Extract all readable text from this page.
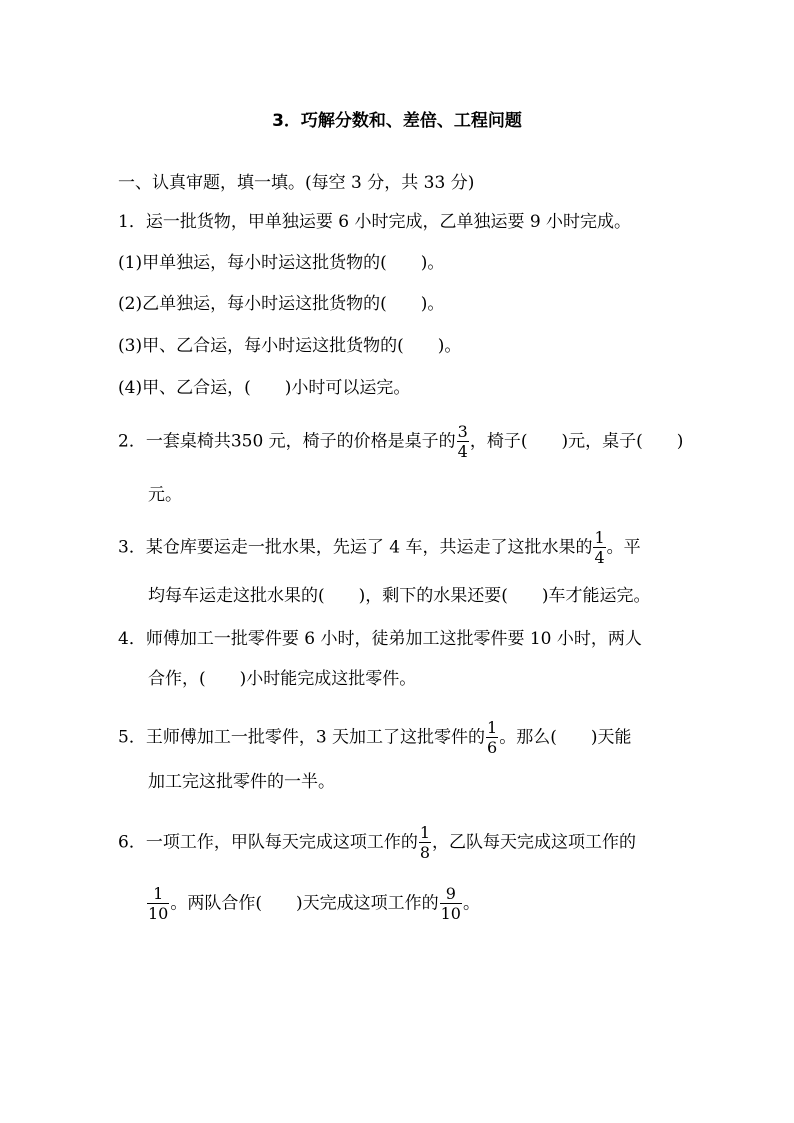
3．巧解分数和、差倍、工程问题
一、认真审题，填一填。(每空 3 分，共 33 分)
1．运一批货物，甲单独运要 6 小时完成，乙单独运要 9 小时完成。
(1)甲单独运，每小时运这批货物的(　　)。
(2)乙单独运，每小时运这批货物的(　　)。
(3)甲、乙合运，每小时运这批货物的(　　)。
(4)甲、乙合运，(　　)小时可以运完。
2．一套桌椅共350 元，椅子的价格是桌子的 $\frac{3}{4}$ ，椅子(　　)元，桌子(　　)
元。
3．某仓库要运走一批水果，先运了 4 车，共运走了这批水果的 $\frac{1}{4}$ 。平
均每车运走这批水果的(　　)，剩下的水果还要(　　)车才能运完。
4．师傅加工一批零件要 6 小时，徒弟加工这批零件要 10 小时，两人
合作，(　　)小时能完成这批零件。
5．王师傅加工一批零件，3 天加工了这批零件的 $\frac{1}{6}$ 。那么(　　)天能
加工完这批零件的一半。
6．一项工作，甲队每天完成这项工作的 $\frac{1}{8}$ ，乙队每天完成这项工作的
$\frac{1}{10}$ 。两队合作(　　)天完成这项工作的 $\frac{9}{10}$ 。
